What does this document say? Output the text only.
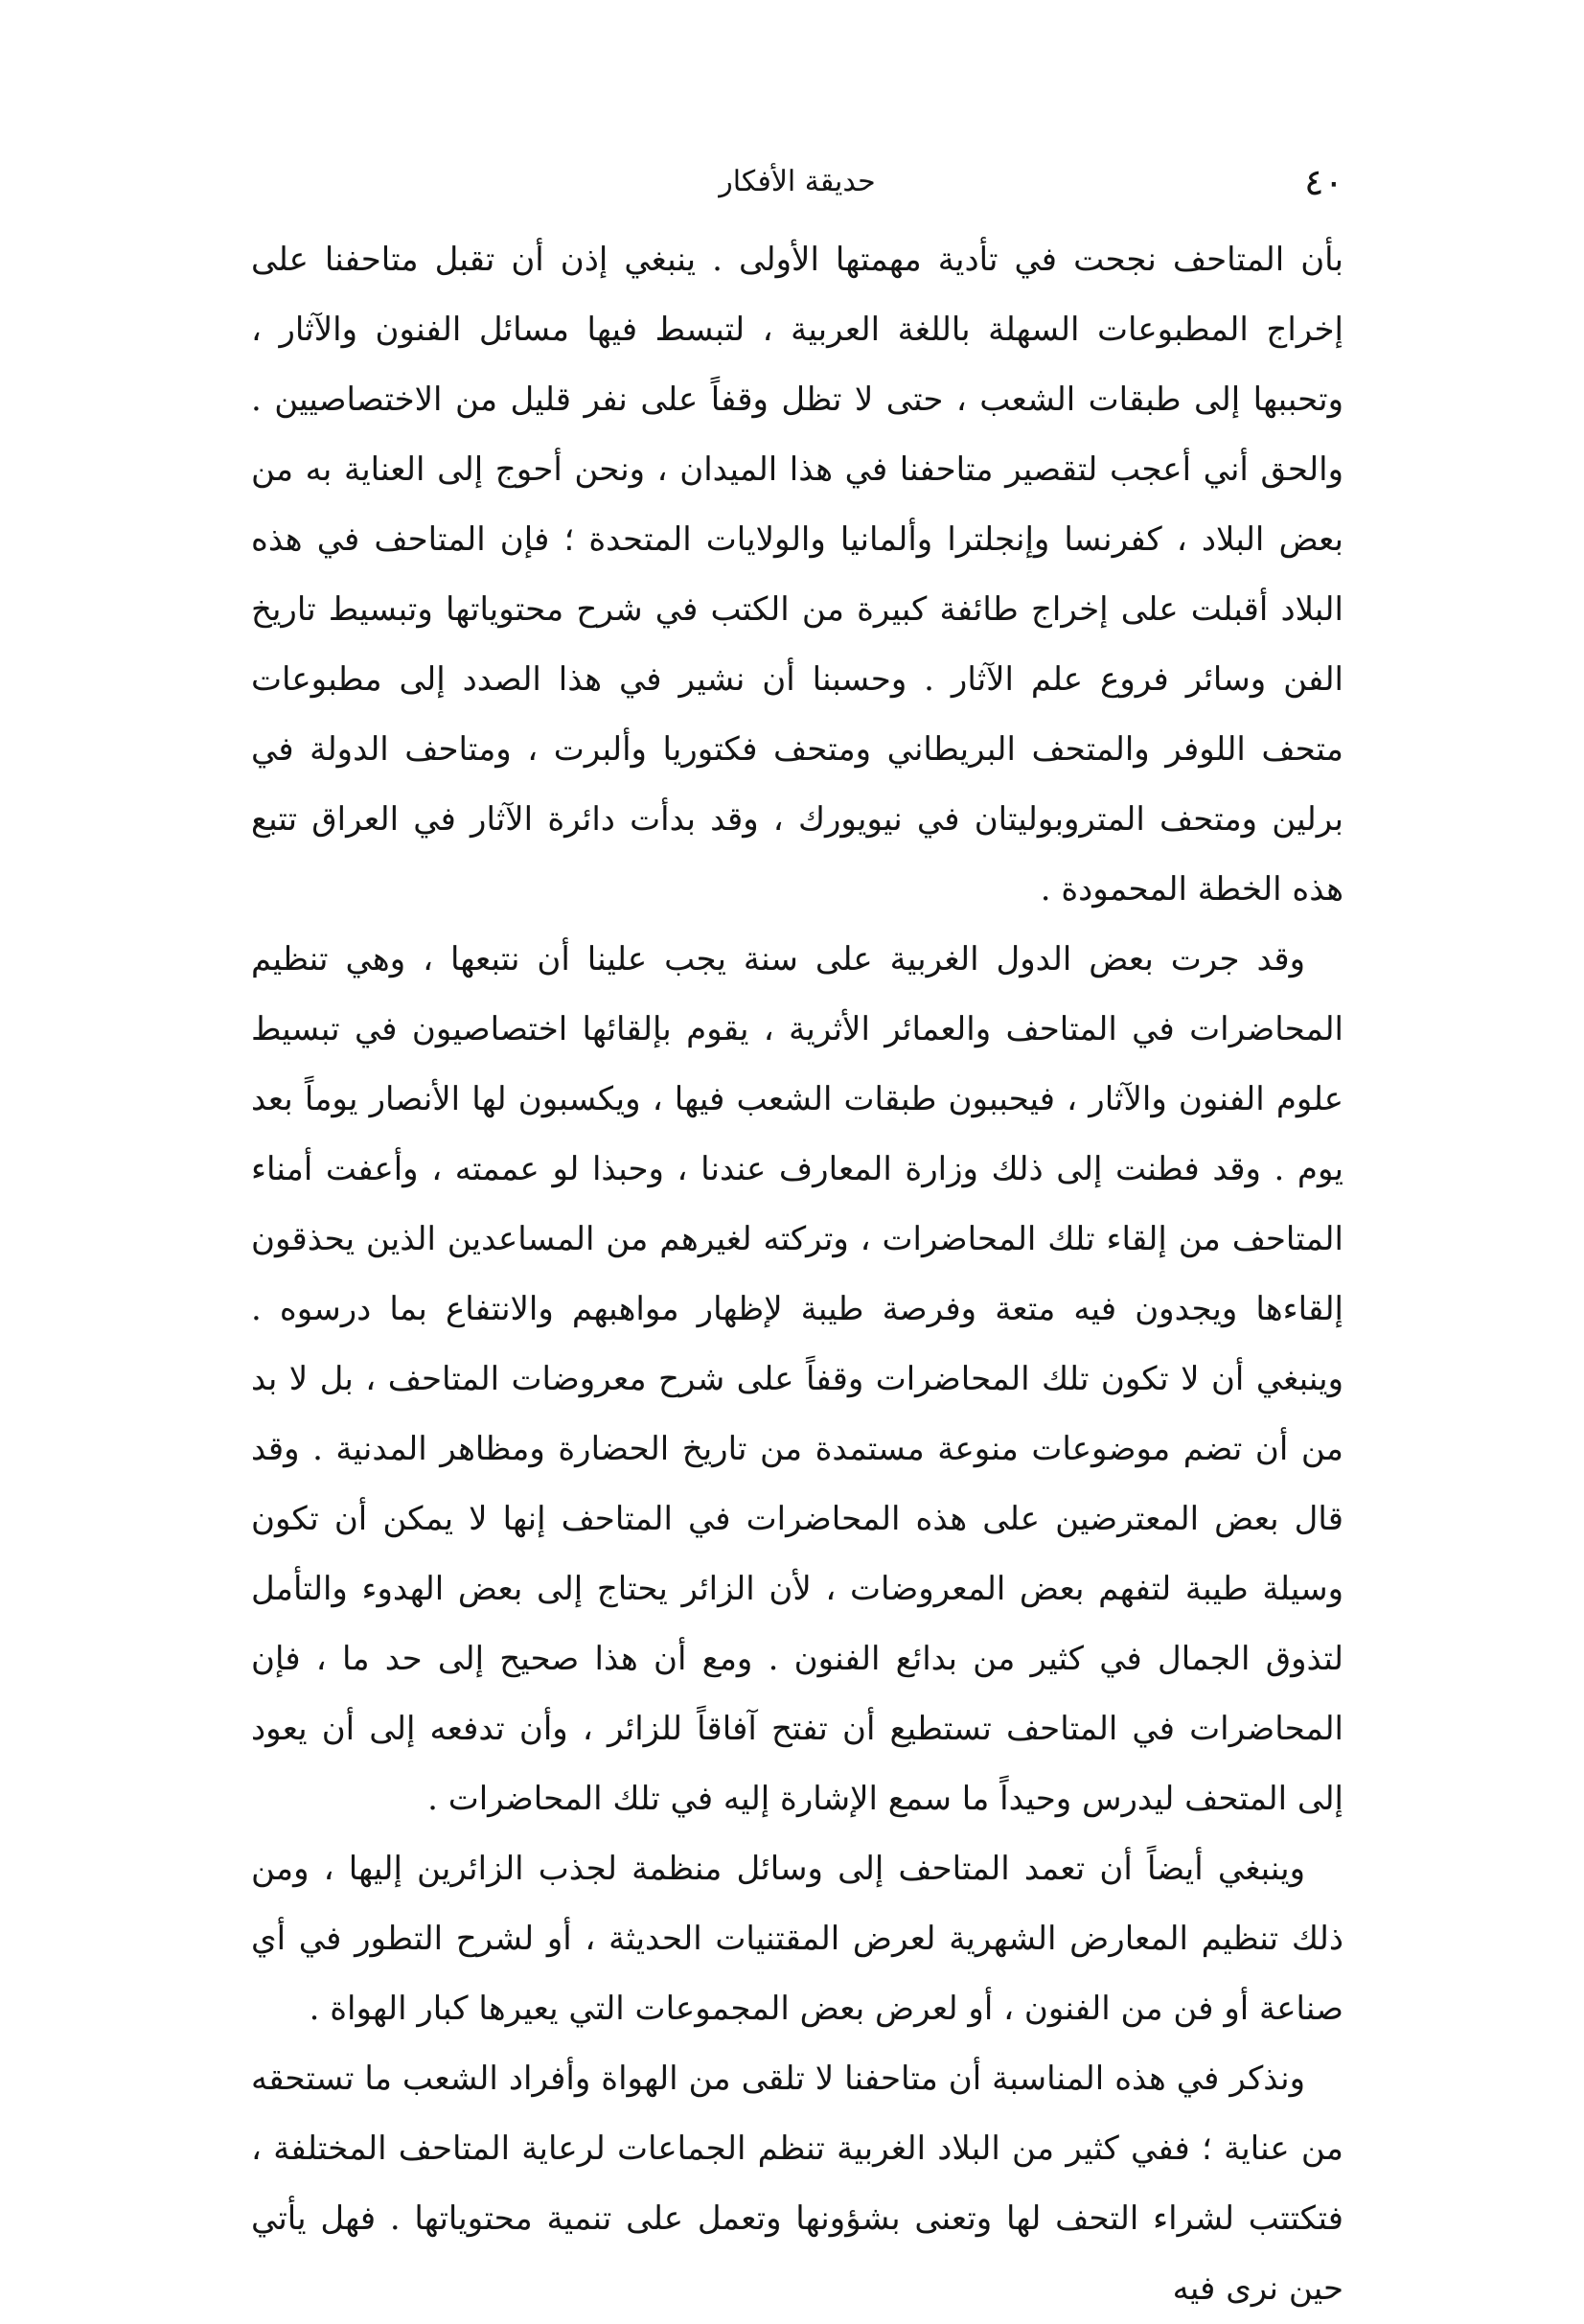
٤٠
حديقة الأفكار

بأن المتاحف نجحت في تأدية مهمتها الأولى . ينبغي إذن أن تقبل متاحفنا على إخراج المطبوعات السهلة باللغة العربية ، لتبسط فيها مسائل الفنون والآثار ، وتحببها إلى طبقات الشعب ، حتى لا تظل وقفاً على نفر قليل من الاختصاصيين . والحق أني أعجب لتقصير متاحفنا في هذا الميدان ، ونحن أحوج إلى العناية به من بعض البلاد ، كفرنسا وإنجلترا وألمانيا والولايات المتحدة ؛ فإن المتاحف في هذه البلاد أقبلت على إخراج طائفة كبيرة من الكتب في شرح محتوياتها وتبسيط تاريخ الفن وسائر فروع علم الآثار . وحسبنا أن نشير في هذا الصدد إلى مطبوعات متحف اللوفر والمتحف البريطاني ومتحف فكتوريا وألبرت ، ومتاحف الدولة في برلين ومتحف المتروبوليتان في نيويورك ، وقد بدأت دائرة الآثار في العراق تتبع هذه الخطة المحمودة .

وقد جرت بعض الدول الغربية على سنة يجب علينا أن نتبعها ، وهي تنظيم المحاضرات في المتاحف والعمائر الأثرية ، يقوم بإلقائها اختصاصيون في تبسيط علوم الفنون والآثار ، فيحببون طبقات الشعب فيها ، ويكسبون لها الأنصار يوماً بعد يوم . وقد فطنت إلى ذلك وزارة المعارف عندنا ، وحبذا لو عممته ، وأعفت أمناء المتاحف من إلقاء تلك المحاضرات ، وتركته لغيرهم من المساعدين الذين يحذقون إلقاءها ويجدون فيه متعة وفرصة طيبة لإظهار مواهبهم والانتفاع بما درسوه . وينبغي أن لا تكون تلك المحاضرات وقفاً على شرح معروضات المتاحف ، بل لا بد من أن تضم موضوعات منوعة مستمدة من تاريخ الحضارة ومظاهر المدنية . وقد قال بعض المعترضين على هذه المحاضرات في المتاحف إنها لا يمكن أن تكون وسيلة طيبة لتفهم بعض المعروضات ، لأن الزائر يحتاج إلى بعض الهدوء والتأمل لتذوق الجمال في كثير من بدائع الفنون . ومع أن هذا صحيح إلى حد ما ، فإن المحاضرات في المتاحف تستطيع أن تفتح آفاقاً للزائر ، وأن تدفعه إلى أن يعود إلى المتحف ليدرس وحيداً ما سمع الإشارة إليه في تلك المحاضرات .

وينبغي أيضاً أن تعمد المتاحف إلى وسائل منظمة لجذب الزائرين إليها ، ومن ذلك تنظيم المعارض الشهرية لعرض المقتنيات الحديثة ، أو لشرح التطور في أي صناعة أو فن من الفنون ، أو لعرض بعض المجموعات التي يعيرها كبار الهواة .

ونذكر في هذه المناسبة أن متاحفنا لا تلقى من الهواة وأفراد الشعب ما تستحقه من عناية ؛ ففي كثير من البلاد الغربية تنظم الجماعات لرعاية المتاحف المختلفة ، فتكتتب لشراء التحف لها وتعنى بشؤونها وتعمل على تنمية محتوياتها . فهل يأتي حين نرى فيه
